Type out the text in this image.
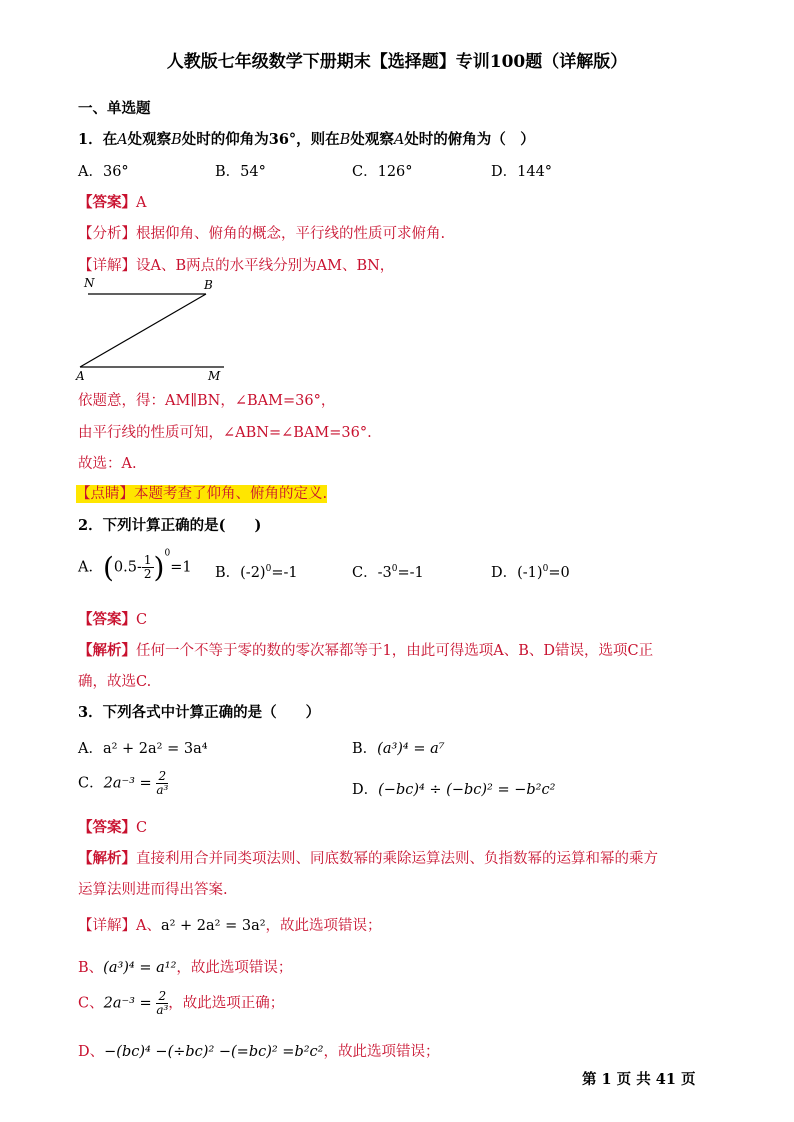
人教版七年级数学下册期末【选择题】专训100题（详解版）
一、单选题
1．在A处观察B处时的仰角为36°，则在B处观察A处时的俯角为（　）
A．36°	B．54°	C．126°	D．144°
【答案】A
【分析】根据仰角、俯角的概念，平行线的性质可求俯角.
【详解】设A、B两点的水平线分别为AM、BN，
N	B
A	M
依题意，得：AM∥BN，∠BAM=36°，
由平行线的性质可知，∠ABN=∠BAM=36°.
故选：A.
【点睛】本题考查了仰角、俯角的定义.
2．下列计算正确的是(　　)
A．$(0.5- \frac{1}{2} )^0=1$ B．$(-2)^0=-1$	C．$-3^0=-1$	D．$(-1)^0=0$
【答案】C
【解析】任何一个不等于零的数的零次幂都等于1，由此可得选项A、B、D错误，选项C正
确，故选C.
3．下列各式中计算正确的是（　　）
A．a² + 2a² = 3a⁴	B．(a³)⁴ = a⁷
C．$2a^{-3} = \frac{2}{\text{a³}}$	D．(−bc)⁴ ÷ (−bc)² = −b²c²
【答案】C
【解析】直接利用合并同类项法则、同底数幂的乘除运算法则、负指数幂的运算和幂的乘方
运算法则进而得出答案.
【详解】A、a² + 2a² = 3a²，故此选项错误；
B、(a³)⁴ = a¹²，故此选项错误；
C、$2a^{-3} = \frac{2}{\text{a³}}$ ，故此选项正确；
D、−(bc)⁴ −(÷bc)² −(=bc)² =b²c²，故此选项错误；
第 1 页 共 41 页
